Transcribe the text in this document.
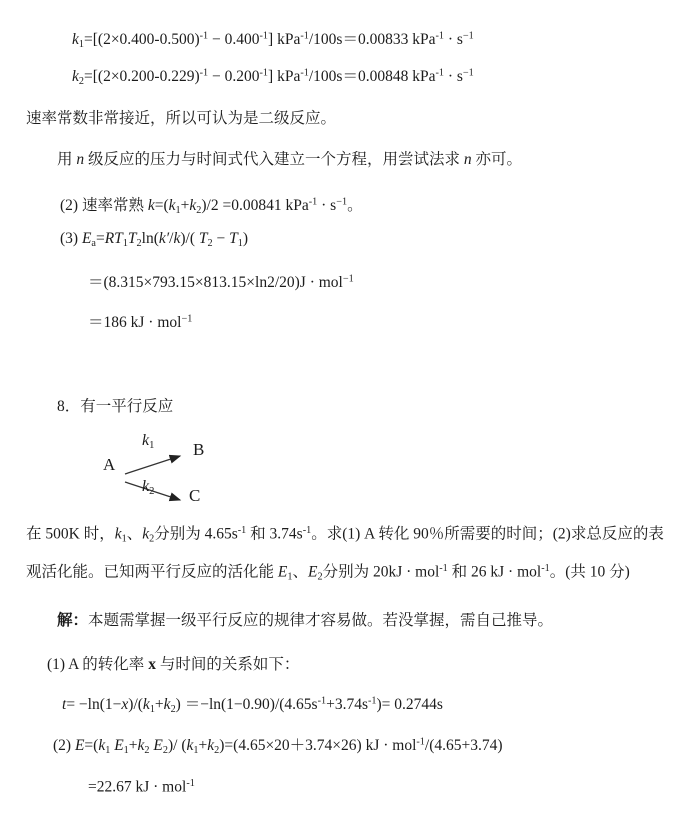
$k1=[(2\times 0.400-0.500)^{-1} - 0.400^{-1}]$ kPa$^{-1}$/100s＝0.00833 $kPa^{-1} \cdot s^{-1}$
$k2=[(2\times 0.200-0.229)^{-1} - 0.200^{-1}]$ kPa$^{-1}$/100s＝0.00848 $kPa^{-1} \cdot s^{-1}$
速率常数非常接近，所以可认为是二级反应。
用 n 级反应的压力与时间式代入建立一个方程，用尝试法求 n 亦可。
(2) 速率常熟 k=(k1+k2)/2 =0.00841 $kPa^{-1} \cdot s^{-1}$。
(3) Ea=RT1T2ln(k′/k)/( T2 − T1)
＝(8.315×793.15×813.15×ln2/20)J · mol$^{-1}$
＝186 kJ · mol$^{-1}$
8．有一平行反应
A
B
C
k1
k2
在 500K 时，k1、k2分别为 $4.65s^{-1}$ 和 $3.74s^{-1}$。求(1) A 转化 90％所需要的时间；(2)求总反应的表观活化能。已知两平行反应的活化能 E1、E2分别为 20kJ · mol$^{-1}$ 和 26 kJ · mol$^{-1}$。(共 10 分)
解：本题需掌握一级平行反应的规律才容易做。若没掌握，需自己推导。
(1) A 的转化率 x 与时间的关系如下：
$t= -\ln(1-x)/(k1+k2) =-\ln(1-0.90)/(4.65s^{-1}+3.74s^{-1})= 0.2744s$
(2) E=(k1 E1+k2 E2)/ (k1+k2)=(4.65×20＋3.74×26) kJ · mol$^{-1}$/(4.65+3.74)
=22.67 kJ · mol$^{-1}$
